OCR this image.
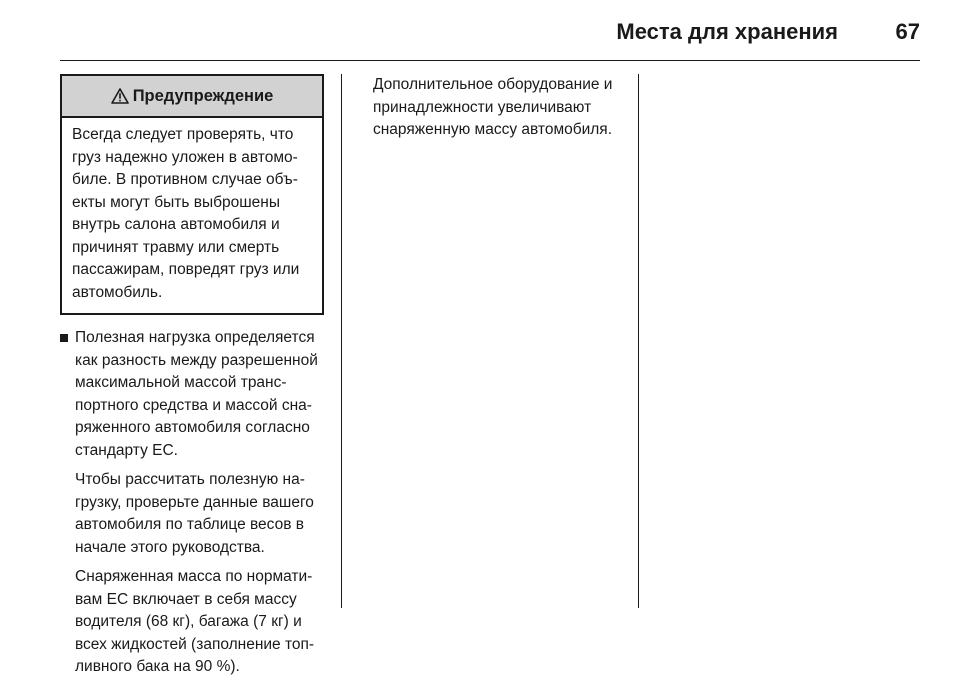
Места для хранения	67
Предупреждение
Всегда следует проверять, что
груз надежно уложен в автомо-
биле. В противном случае объ-
екты могут быть выброшены
внутрь салона автомобиля и
причинят травму или смерть
пассажирам, повредят груз или
автомобиль.
Полезная нагрузка определяется
как разность между разрешенной
максимальной массой транс-
портного средства и массой сна-
ряженного автомобиля согласно
стандарту ЕС.
Чтобы рассчитать полезную на-
грузку, проверьте данные вашего
автомобиля по таблице весов в
начале этого руководства.
Снаряженная масса по нормати-
вам ЕС включает в себя массу
водителя (68 кг), багажа (7 кг) и
всех жидкостей (заполнение топ-
ливного бака на 90 %).
Дополнительное оборудование и
принадлежности увеличивают
снаряженную массу автомобиля.
